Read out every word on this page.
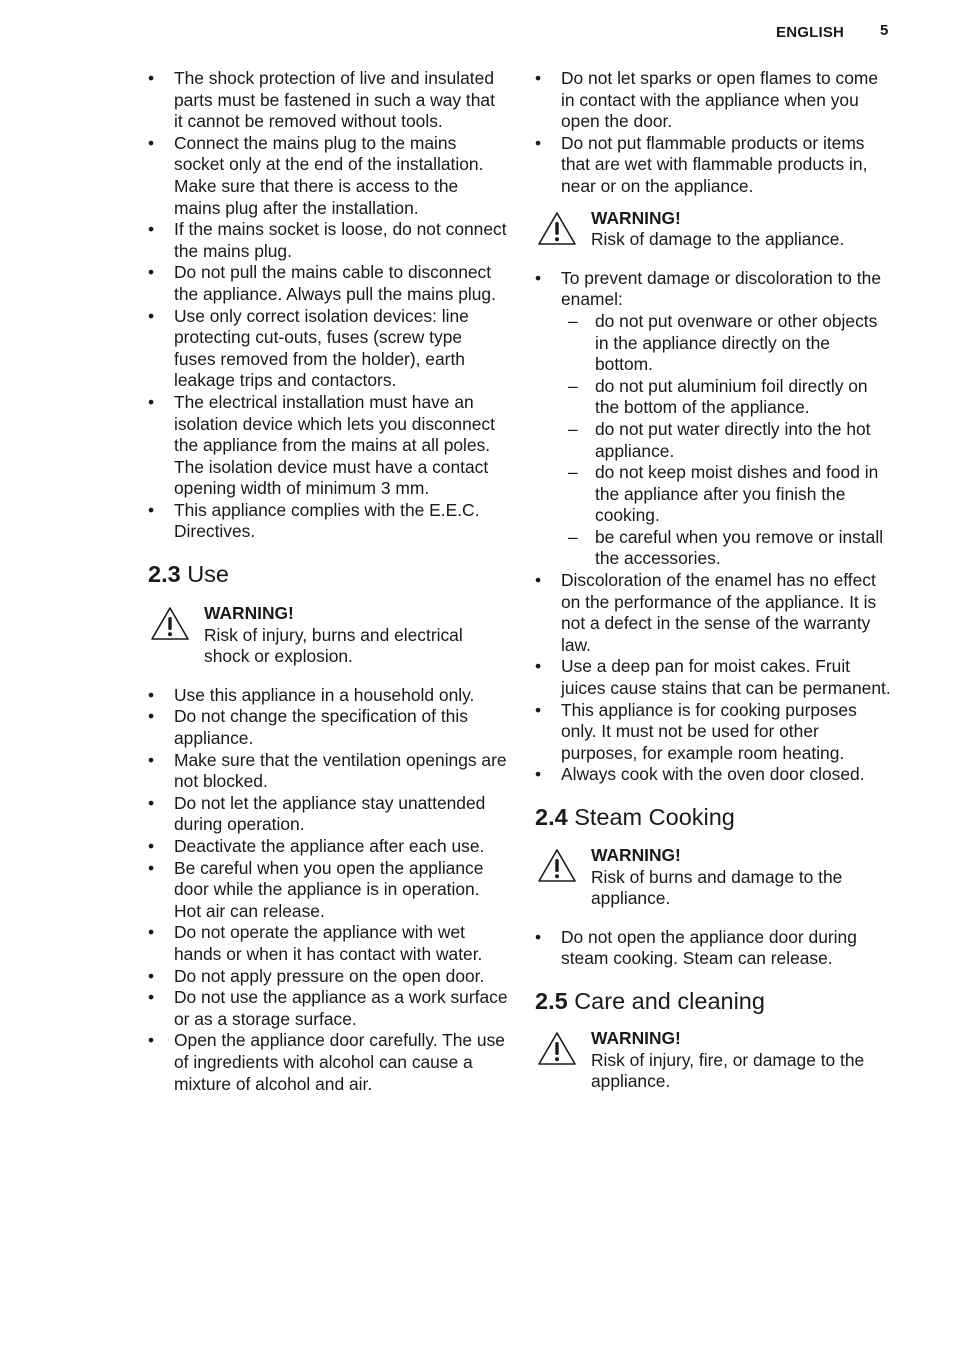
ENGLISH 5
• The shock protection of live and insulated parts must be fastened in such a way that it cannot be removed without tools.
• Connect the mains plug to the mains socket only at the end of the installation. Make sure that there is access to the mains plug after the installation.
• If the mains socket is loose, do not connect the mains plug.
• Do not pull the mains cable to disconnect the appliance. Always pull the mains plug.
• Use only correct isolation devices: line protecting cut-outs, fuses (screw type fuses removed from the holder), earth leakage trips and contactors.
• The electrical installation must have an isolation device which lets you disconnect the appliance from the mains at all poles. The isolation device must have a contact opening width of minimum 3 mm.
• This appliance complies with the E.E.C. Directives.
2.3 Use
WARNING!
Risk of injury, burns and electrical shock or explosion.
• Use this appliance in a household only.
• Do not change the specification of this appliance.
• Make sure that the ventilation openings are not blocked.
• Do not let the appliance stay unattended during operation.
• Deactivate the appliance after each use.
• Be careful when you open the appliance door while the appliance is in operation. Hot air can release.
• Do not operate the appliance with wet hands or when it has contact with water.
• Do not apply pressure on the open door.
• Do not use the appliance as a work surface or as a storage surface.
• Open the appliance door carefully. The use of ingredients with alcohol can cause a mixture of alcohol and air.
• Do not let sparks or open flames to come in contact with the appliance when you open the door.
• Do not put flammable products or items that are wet with flammable products in, near or on the appliance.
WARNING!
Risk of damage to the appliance.
• To prevent damage or discoloration to the enamel:
– do not put ovenware or other objects in the appliance directly on the bottom.
– do not put aluminium foil directly on the bottom of the appliance.
– do not put water directly into the hot appliance.
– do not keep moist dishes and food in the appliance after you finish the cooking.
– be careful when you remove or install the accessories.
• Discoloration of the enamel has no effect on the performance of the appliance. It is not a defect in the sense of the warranty law.
• Use a deep pan for moist cakes. Fruit juices cause stains that can be permanent.
• This appliance is for cooking purposes only. It must not be used for other purposes, for example room heating.
• Always cook with the oven door closed.
2.4 Steam Cooking
WARNING!
Risk of burns and damage to the appliance.
• Do not open the appliance door during steam cooking. Steam can release.
2.5 Care and cleaning
WARNING!
Risk of injury, fire, or damage to the appliance.
